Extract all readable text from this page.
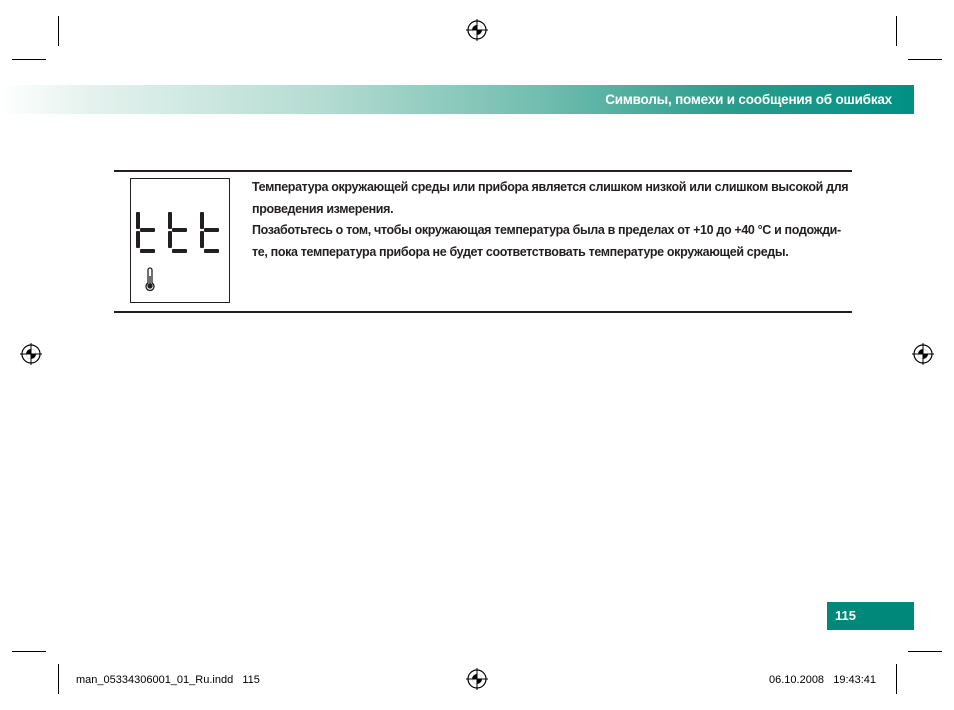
Символы, помехи и сообщения об ошибках

Температура окружающей среды или прибора является слишком низкой или слишком высокой для

проведения измерения.

Позаботьтесь о том, чтобы окружающая температура была в пределах от +10 до +40 °C и подожди-

те, пока температура прибора не будет соответствовать температуре окружающей среды.

115
man_05334306001_01_Ru.indd   115	06.10.2008   19:43:41
